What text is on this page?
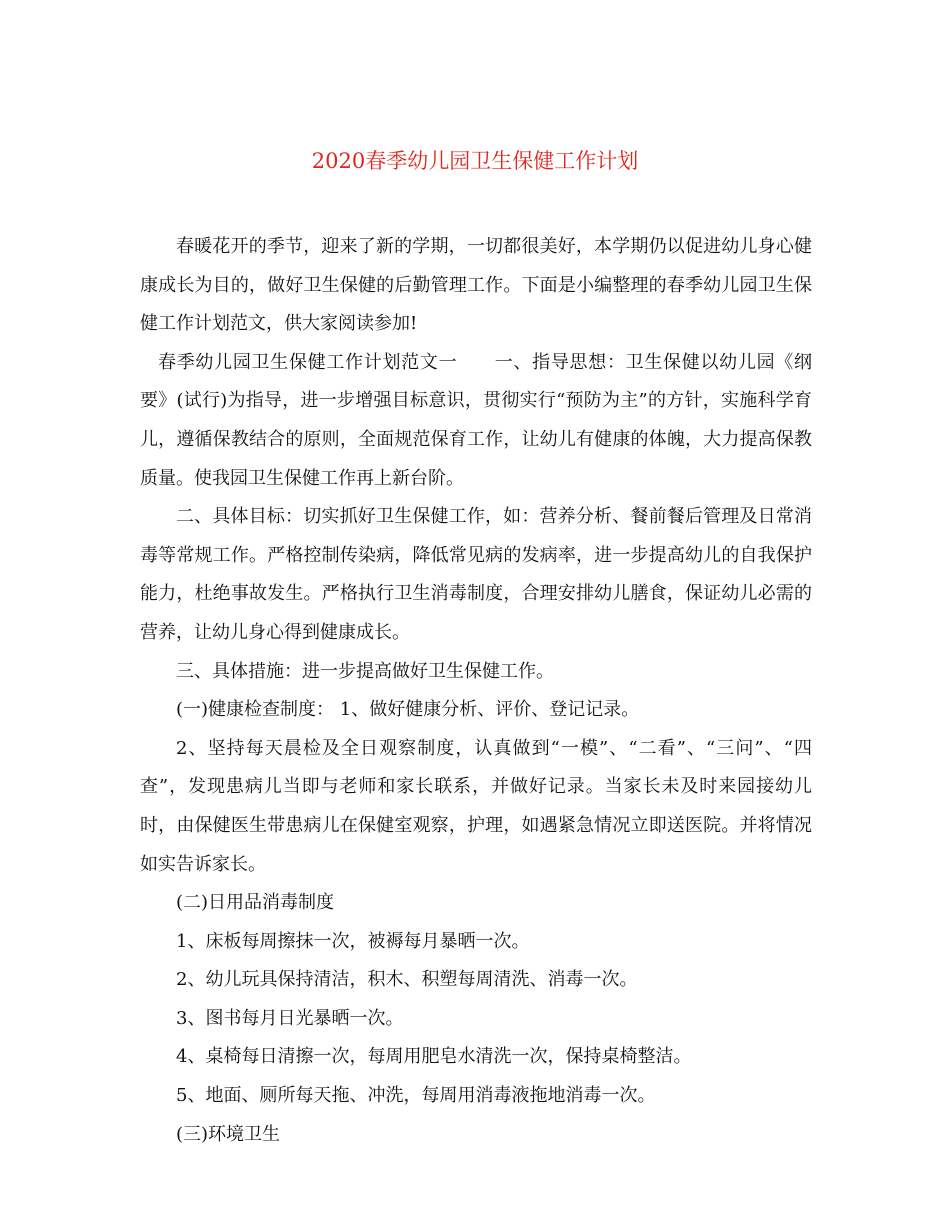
2020春季幼儿园卫生保健工作计划

春暖花开的季节，迎来了新的学期，一切都很美好，本学期仍以促进幼儿身心健康成长为目的，做好卫生保健的后勤管理工作。下面是小编整理的春季幼儿园卫生保健工作计划范文，供大家阅读参加!

春季幼儿园卫生保健工作计划范文一　　一、指导思想：卫生保健以幼儿园《纲要》(试行)为指导，进一步增强目标意识，贯彻实行“预防为主”的方针，实施科学育儿，遵循保教结合的原则，全面规范保育工作，让幼儿有健康的体魄，大力提高保教质量。使我园卫生保健工作再上新台阶。

二、具体目标：切实抓好卫生保健工作，如：营养分析、餐前餐后管理及日常消毒等常规工作。严格控制传染病，降低常见病的发病率，进一步提高幼儿的自我保护能力，杜绝事故发生。严格执行卫生消毒制度，合理安排幼儿膳食，保证幼儿必需的营养，让幼儿身心得到健康成长。

三、具体措施：进一步提高做好卫生保健工作。

(一)健康检查制度： 1、做好健康分析、评价、登记记录。

2、坚持每天晨检及全日观察制度，认真做到“一模”、“二看”、“三问”、“四查”，发现患病儿当即与老师和家长联系，并做好记录。当家长未及时来园接幼儿时，由保健医生带患病儿在保健室观察，护理，如遇紧急情况立即送医院。并将情况如实告诉家长。

(二)日用品消毒制度

1、床板每周擦抹一次，被褥每月暴晒一次。

2、幼儿玩具保持清洁，积木、积塑每周清洗、消毒一次。

3、图书每月日光暴晒一次。

4、桌椅每日清擦一次，每周用肥皂水清洗一次，保持桌椅整洁。

5、地面、厕所每天拖、冲洗，每周用消毒液拖地消毒一次。

(三)环境卫生
